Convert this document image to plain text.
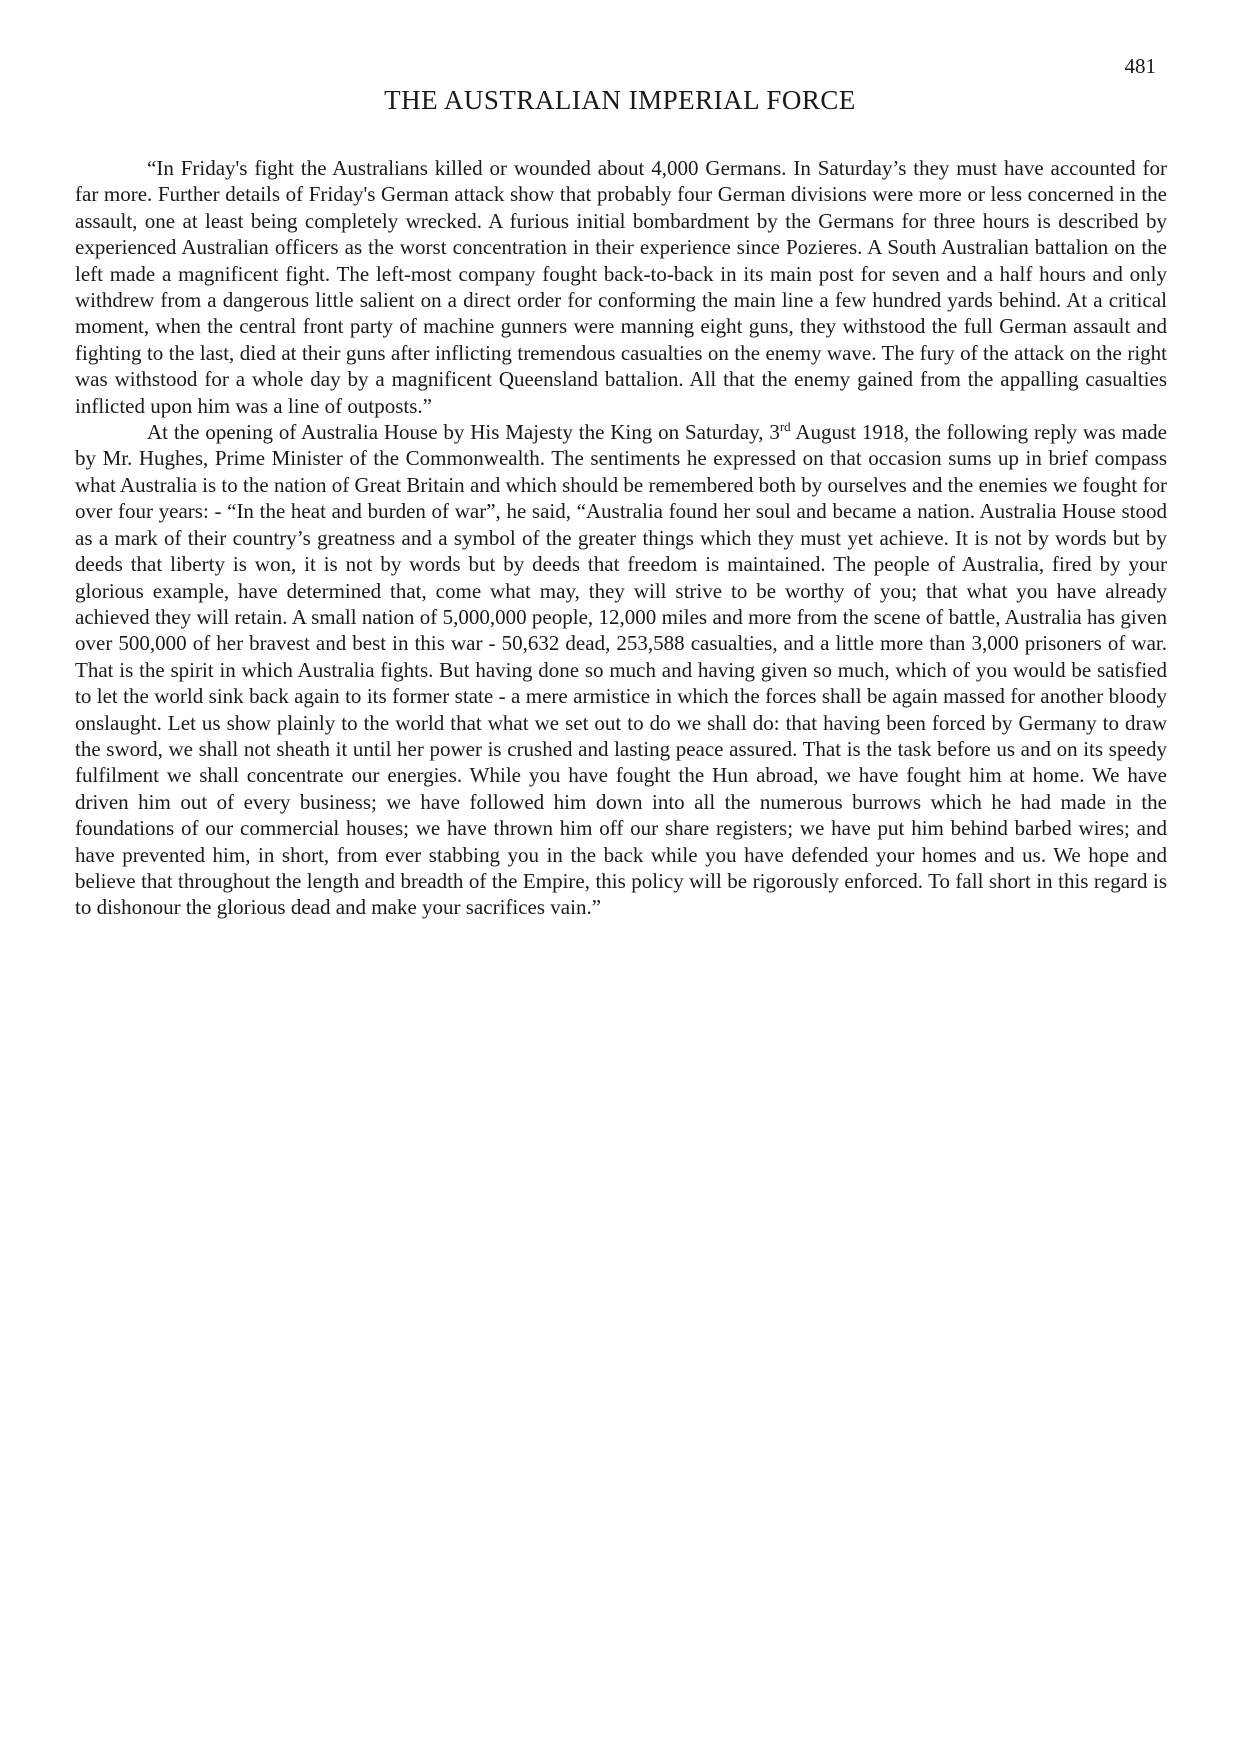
481
THE AUSTRALIAN IMPERIAL FORCE

“In Friday's fight the Australians killed or wounded about 4,000 Germans. In Saturday’s they must have accounted for far more. Further details of Friday's German attack show that probably four German divisions were more or less concerned in the assault, one at least being completely wrecked. A furious initial bombardment by the Germans for three hours is described by experienced Australian officers as the worst concentration in their experience since Pozieres. A South Australian battalion on the left made a magnificent fight. The left-most company fought back-to-back in its main post for seven and a half hours and only withdrew from a dangerous little salient on a direct order for conforming the main line a few hundred yards behind. At a critical moment, when the central front party of machine gunners were manning eight guns, they withstood the full German assault and fighting to the last, died at their guns after inflicting tremendous casualties on the enemy wave. The fury of the attack on the right was withstood for a whole day by a magnificent Queensland battalion. All that the enemy gained from the appalling casualties inflicted upon him was a line of outposts.”

At the opening of Australia House by His Majesty the King on Saturday, 3rd August 1918, the following reply was made by Mr. Hughes, Prime Minister of the Commonwealth. The sentiments he expressed on that occasion sums up in brief compass what Australia is to the nation of Great Britain and which should be remembered both by ourselves and the enemies we fought for over four years: - “In the heat and burden of war”, he said, “Australia found her soul and became a nation. Australia House stood as a mark of their country’s greatness and a symbol of the greater things which they must yet achieve. It is not by words but by deeds that liberty is won, it is not by words but by deeds that freedom is maintained. The people of Australia, fired by your glorious example, have determined that, come what may, they will strive to be worthy of you; that what you have already achieved they will retain. A small nation of 5,000,000 people, 12,000 miles and more from the scene of battle, Australia has given over 500,000 of her bravest and best in this war - 50,632 dead, 253,588 casualties, and a little more than 3,000 prisoners of war. That is the spirit in which Australia fights. But having done so much and having given so much, which of you would be satisfied to let the world sink back again to its former state - a mere armistice in which the forces shall be again massed for another bloody onslaught. Let us show plainly to the world that what we set out to do we shall do: that having been forced by Germany to draw the sword, we shall not sheath it until her power is crushed and lasting peace assured. That is the task before us and on its speedy fulfilment we shall concentrate our energies. While you have fought the Hun abroad, we have fought him at home. We have driven him out of every business; we have followed him down into all the numerous burrows which he had made in the foundations of our commercial houses; we have thrown him off our share registers; we have put him behind barbed wires; and have prevented him, in short, from ever stabbing you in the back while you have defended your homes and us. We hope and believe that throughout the length and breadth of the Empire, this policy will be rigorously enforced. To fall short in this regard is to dishonour the glorious dead and make your sacrifices vain.”
